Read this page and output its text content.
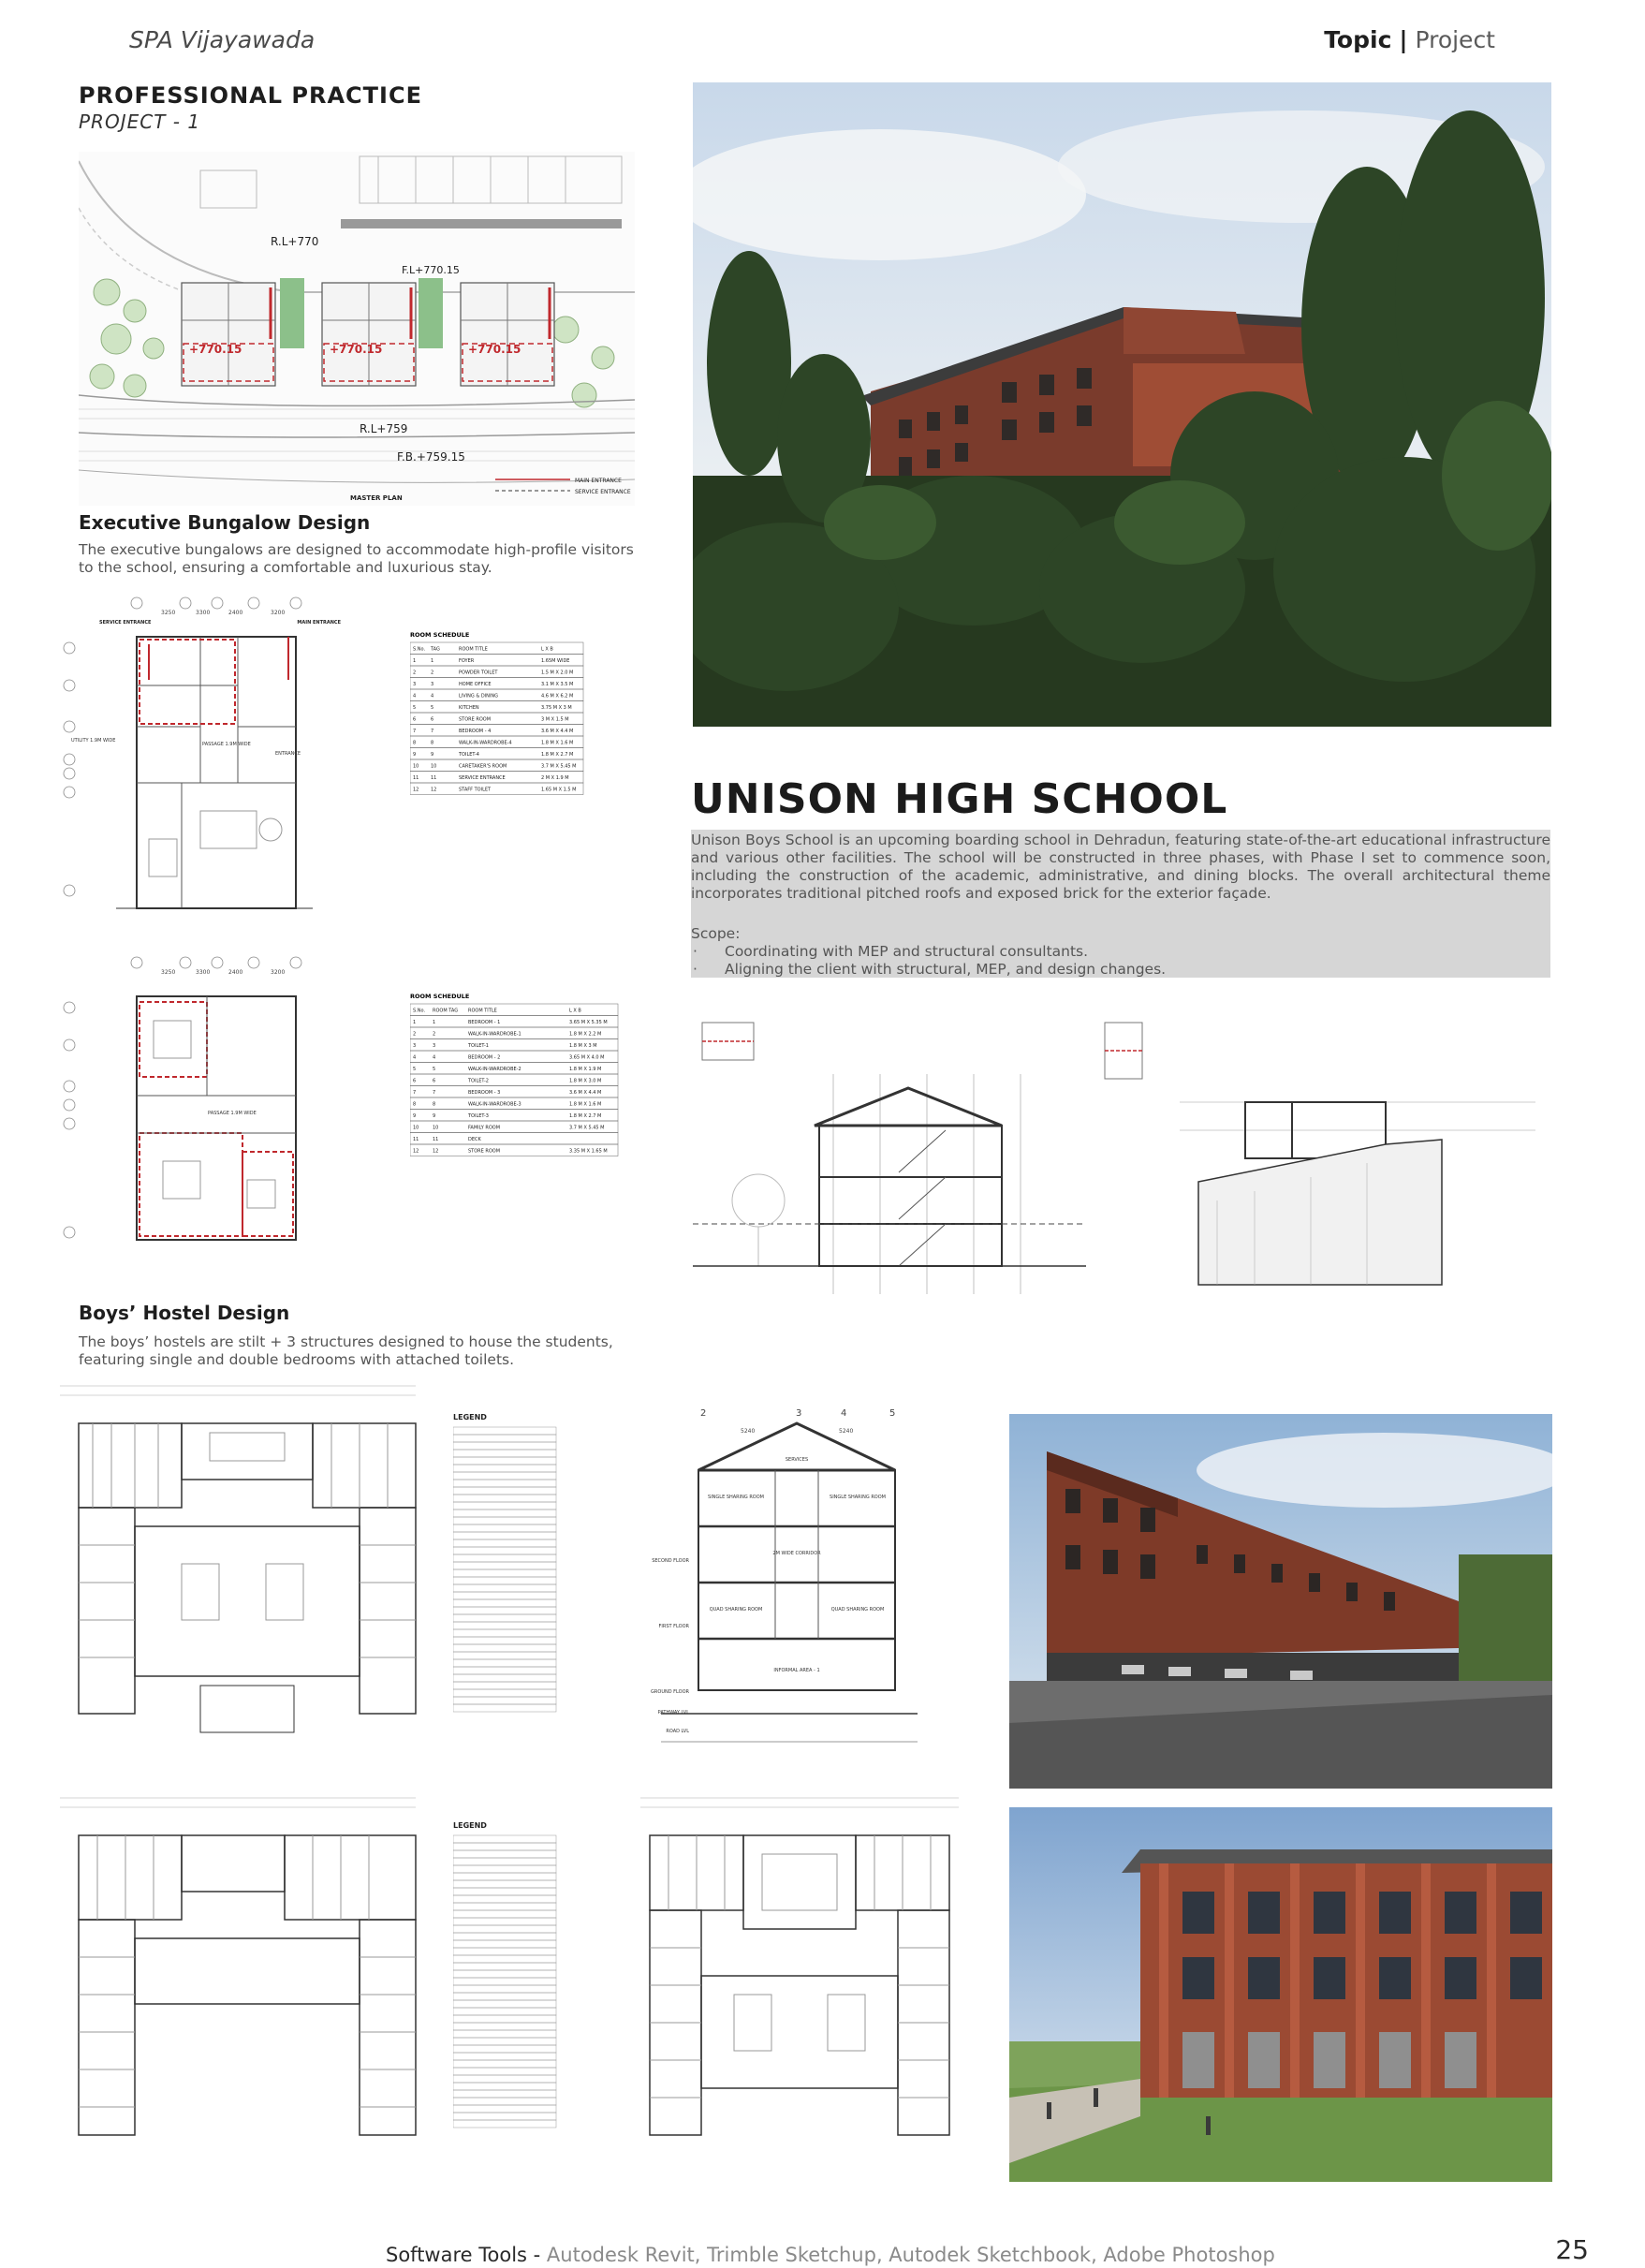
SPA Vijayawada	Topic | Project
PROFESSIONAL PRACTICE
PROJECT - 1
+770.15	+770.15	+770.15
R.L+770
F.L+770.15
R.L+759
F.B.+759.15
MASTER PLAN
MAIN ENTRANCE
SERVICE ENTRANCE
Executive Bungalow Design
The executive bungalows are designed to accommodate high-profile visitors to the school, ensuring a comfortable and luxurious stay.
3250	3300	2400	3200
SERVICE ENTRANCE	MAIN ENTRANCE
UTILITY 1.9M WIDE
PASSAGE 1.9M WIDE
ENTRANCE
ROOM SCHEDULE
S.No. TAG	ROOM TITLE	L X B
1	1	FOYER	1.65M WIDE
2	2	POWDER TOILET	1.5 M X 2.0 M
3	3	HOME OFFICE	3.1 M X 3.5 M
4	4	LIVING & DINING	4.6 M X 6.2 M
5	5	KITCHEN	3.75 M X 3 M
6	6	STORE ROOM	3 M X 1.5 M
7	7	BEDROOM - 4	3.6 M X 4.4 M
8	8	WALK-IN-WARDROBE-4	1.8 M X 1.6 M
9	9	TOILET-4	1.8 M X 2.7 M
10	10	CARETAKER'S ROOM	3.7 M X 5.45 M
11	11	SERVICE ENTRANCE	2 M X 1.9 M
12	12	STAFF TOILET	1.65 M X 1.5 M
3250	3300	2400	3200
PASSAGE 1.9M WIDE
ROOM SCHEDULE
S.No. ROOM TAG ROOM TITLE	L X B
1	1	BEDROOM - 1	3.65 M X 5.35 M
2	2	WALK-IN-WARDROBE-1	1.8 M X 2.2 M
3	3	TOILET-1	1.8 M X 3 M
4	4	BEDROOM - 2	3.65 M X 4.0 M
5	5	WALK-IN-WARDROBE-2	1.8 M X 1.9 M
6	6	TOILET-2	1.8 M X 3.0 M
7	7	BEDROOM - 3	3.6 M X 4.4 M
8	8	WALK-IN-WARDROBE-3	1.8 M X 1.6 M
9	9	TOILET-3	1.8 M X 2.7 M
10	10	FAMILY ROOM	3.7 M X 5.45 M
11	11	DECK
12	12	STORE ROOM	3.35 M X 1.65 M
UNISON HIGH SCHOOL
Unison Boys School is an upcoming boarding school in Dehradun, featuring state-of-the-art educational infrastructure and various other facilities. The school will be constructed in three phases, with Phase I set to commence soon, including the construction of the academic, administrative, and dining blocks. The overall architectural theme incorporates traditional pitched roofs and exposed brick for the exterior façade.
Scope:
· Coordinating with MEP and structural consultants.
· Aligning the client with structural, MEP, and design changes.
Boys’ Hostel Design
The boys’ hostels are stilt + 3 structures designed to house the students, featuring single and double bedrooms with attached toilets.
LEGEND	2	3	4	5
5240	5240
SERVICES
SINGLE SHARING ROOM	SINGLE SHARING ROOM
2M WIDE CORRIDOR
QUAD SHARING ROOM	QUAD SHARING ROOM
INFORMAL AREA - 1
SECOND FLOOR
FIRST FLOOR
GROUND FLOOR
PATHWAY LVL
ROAD LVL
LEGEND
Software Tools - Autodesk Revit, Trimble Sketchup, Autodek Sketchbook, Adobe Photoshop	25
